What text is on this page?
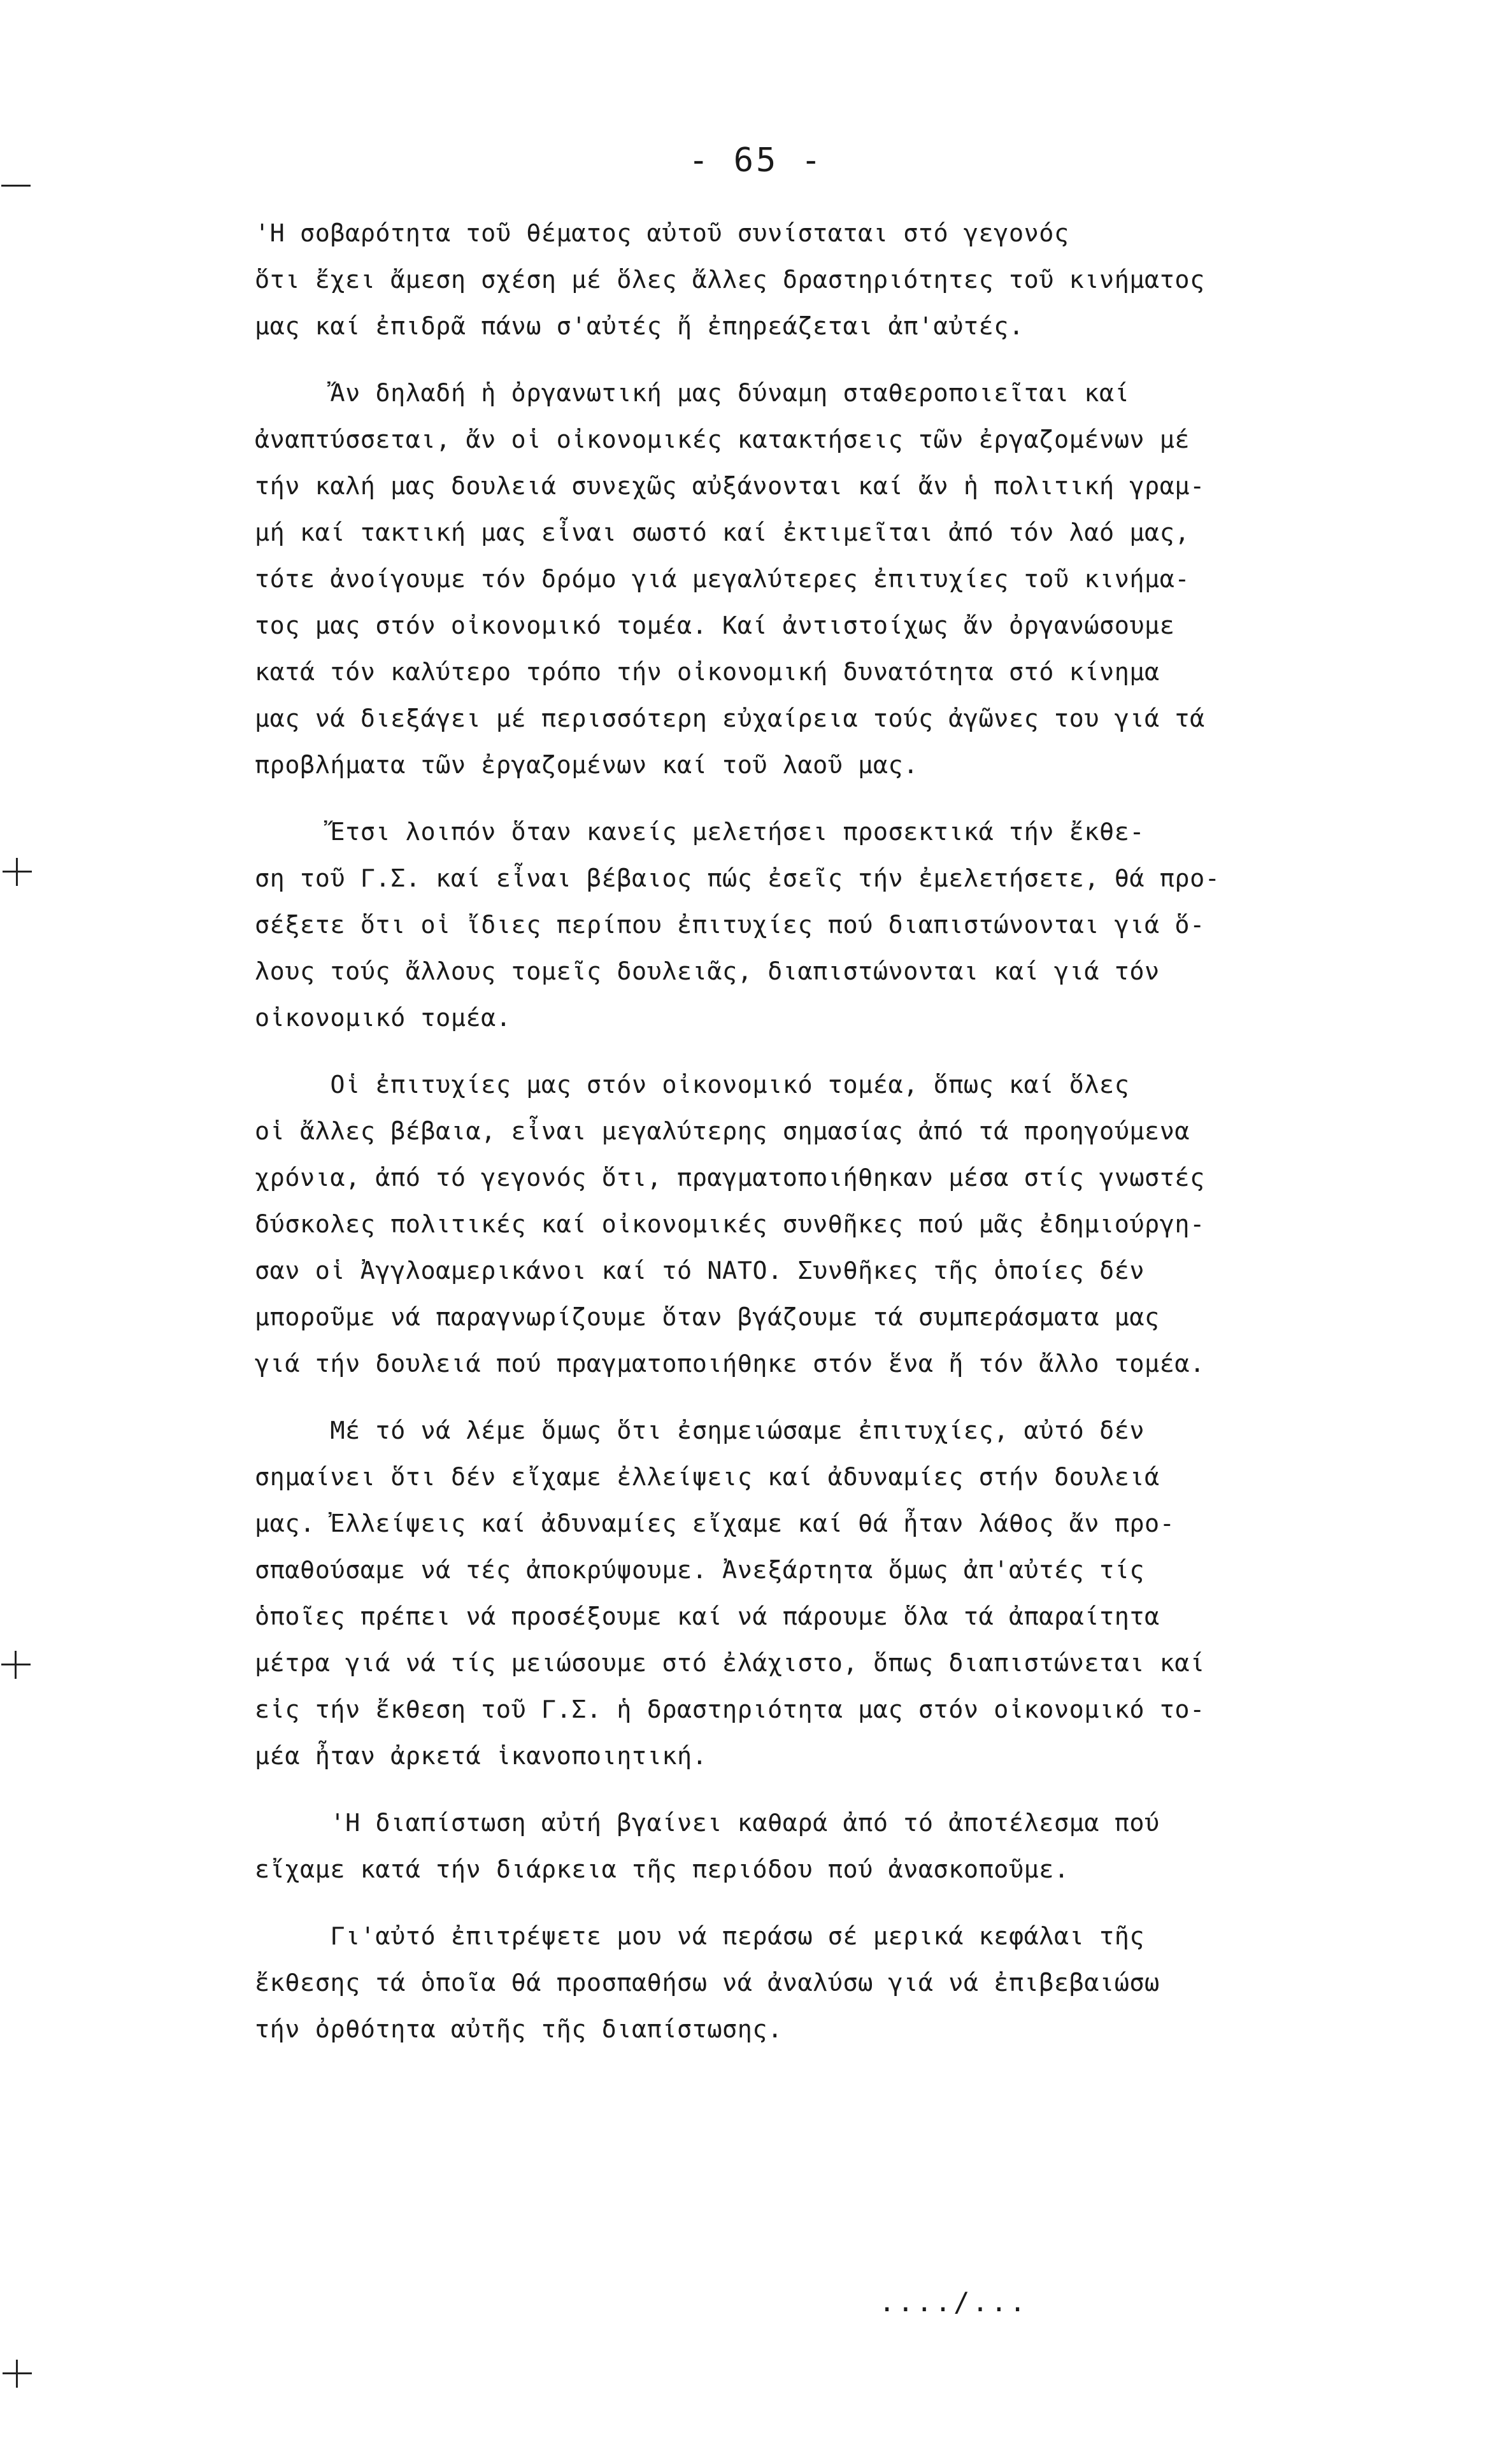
- 65 -
'Η σοβαρότητα τοῦ θέματος αὐτοῦ συνίσταται στό γεγονός
ὅτι ἔχει ἄμεση σχέση μέ ὅλες ἄλλες δραστηριότητες τοῦ κινήματος
μας καί ἐπιδρᾶ πάνω σ'αὐτές ἤ ἐπηρεάζεται ἀπ'αὐτές.
Ἄν δηλαδή ἡ ὀργανωτική μας δύναμη σταθεροποιεῖται καί
ἀναπτύσσεται, ἄν οἱ οἰκονομικές κατακτήσεις τῶν ἐργαζομένων μέ
τήν καλή μας δουλειά συνεχῶς αὐξάνονται καί ἄν ἡ πολιτική γραμ-
μή καί τακτική μας εἶναι σωστό καί ἐκτιμεῖται ἀπό τόν λαό μας,
τότε ἀνοίγουμε τόν δρόμο γιά μεγαλύτερες ἐπιτυχίες τοῦ κινήμα-
τος μας στόν οἰκονομικό τομέα. Καί ἀντιστοίχως ἄν ὀργανώσουμε
κατά τόν καλύτερο τρόπο τήν οἰκονομική δυνατότητα στό κίνημα
μας νά διεξάγει μέ περισσότερη εὐχαίρεια τούς ἀγῶνες του γιά τά
προβλήματα τῶν ἐργαζομένων καί τοῦ λαοῦ μας.
Ἔτσι λοιπόν ὅταν κανείς μελετήσει προσεκτικά τήν ἔκθε-
ση τοῦ Γ.Σ. καί εἶναι βέβαιος πώς ἐσεῖς τήν ἐμελετήσετε, θά προ-
σέξετε ὅτι οἱ ἴδιες περίπου ἐπιτυχίες πού διαπιστώνονται γιά ὅ-
λους τούς ἄλλους τομεῖς δουλειᾶς, διαπιστώνονται καί γιά τόν
οἰκονομικό τομέα.
Οἱ ἐπιτυχίες μας στόν οἰκονομικό τομέα, ὅπως καί ὅλες
οἱ ἄλλες βέβαια, εἶναι μεγαλύτερης σημασίας ἀπό τά προηγούμενα
χρόνια, ἀπό τό γεγονός ὅτι, πραγματοποιήθηκαν μέσα στίς γνωστές
δύσκολες πολιτικές καί οἰκονομικές συνθῆκες πού μᾶς ἐδημιούργη-
σαν οἱ Ἀγγλοαμερικάνοι καί τό ΝΑΤΟ. Συνθῆκες τῆς ὁποίες δέν
μποροῦμε νά παραγνωρίζουμε ὅταν βγάζουμε τά συμπεράσματα μας
γιά τήν δουλειά πού πραγματοποιήθηκε στόν ἕνα ἤ τόν ἄλλο τομέα.
Μέ τό νά λέμε ὅμως ὅτι ἐσημειώσαμε ἐπιτυχίες, αὐτό δέν
σημαίνει ὅτι δέν εἴχαμε ἐλλείψεις καί ἀδυναμίες στήν δουλειά
μας. Ἐλλείψεις καί ἀδυναμίες εἴχαμε καί θά ἦταν λάθος ἄν προ-
σπαθούσαμε νά τές ἀποκρύψουμε. Ἀνεξάρτητα ὅμως ἀπ'αὐτές τίς
ὁποῖες πρέπει νά προσέξουμε καί νά πάρουμε ὅλα τά ἀπαραίτητα
μέτρα γιά νά τίς μειώσουμε στό ἐλάχιστο, ὅπως διαπιστώνεται καί
εἰς τήν ἔκθεση τοῦ Γ.Σ. ἡ δραστηριότητα μας στόν οἰκονομικό το-
μέα ἦταν ἀρκετά ἱκανοποιητική.
'Η διαπίστωση αὐτή βγαίνει καθαρά ἀπό τό ἀποτέλεσμα πού
εἴχαμε κατά τήν διάρκεια τῆς περιόδου πού ἀνασκοποῦμε.
Γι'αὐτό ἐπιτρέψετε μου νά περάσω σέ μερικά κεφάλαι τῆς
ἔκθεσης τά ὁποῖα θά προσπαθήσω νά ἀναλύσω γιά νά ἐπιβεβαιώσω
τήν ὀρθότητα αὐτῆς τῆς διαπίστωσης.
..../...
